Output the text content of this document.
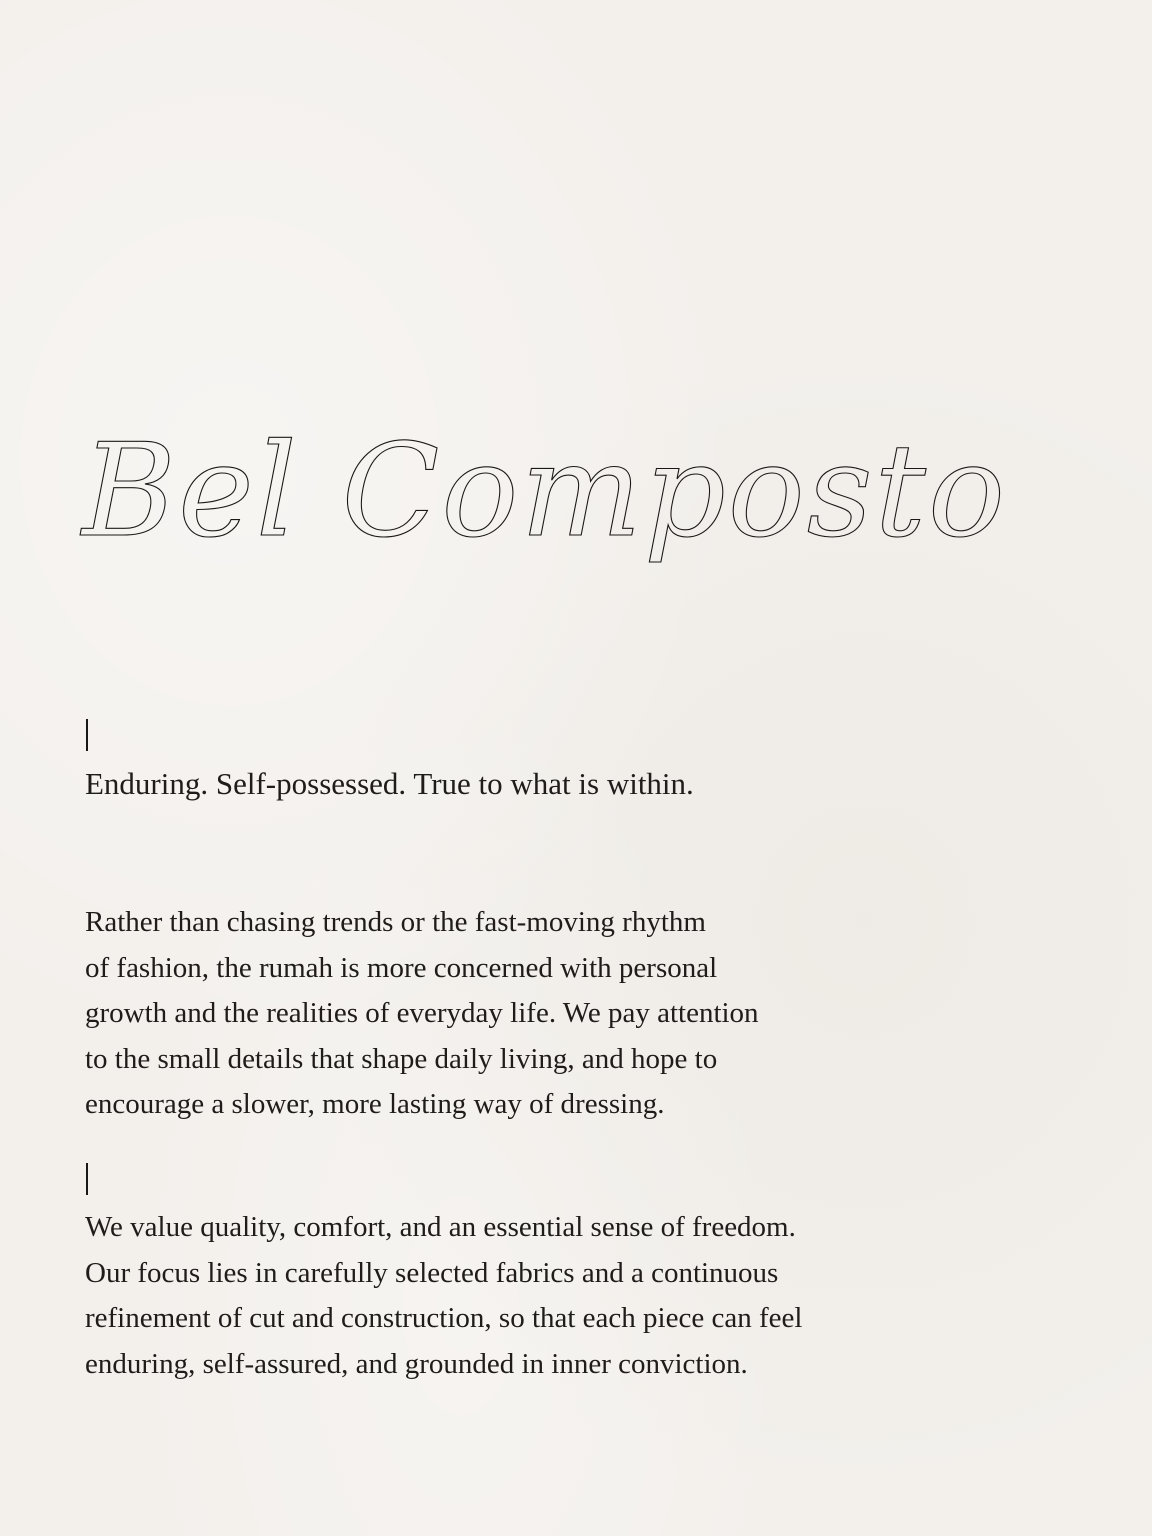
Bel Composto

Enduring. Self-possessed. True to what is within.

Rather than chasing trends or the fast-moving rhythm
of fashion, the rumah is more concerned with personal
growth and the realities of everyday life. We pay attention
to the small details that shape daily living, and hope to
encourage a slower, more lasting way of dressing.

We value quality, comfort, and an essential sense of freedom.
Our focus lies in carefully selected fabrics and a continuous
refinement of cut and construction, so that each piece can feel
enduring, self-assured, and grounded in inner conviction.
